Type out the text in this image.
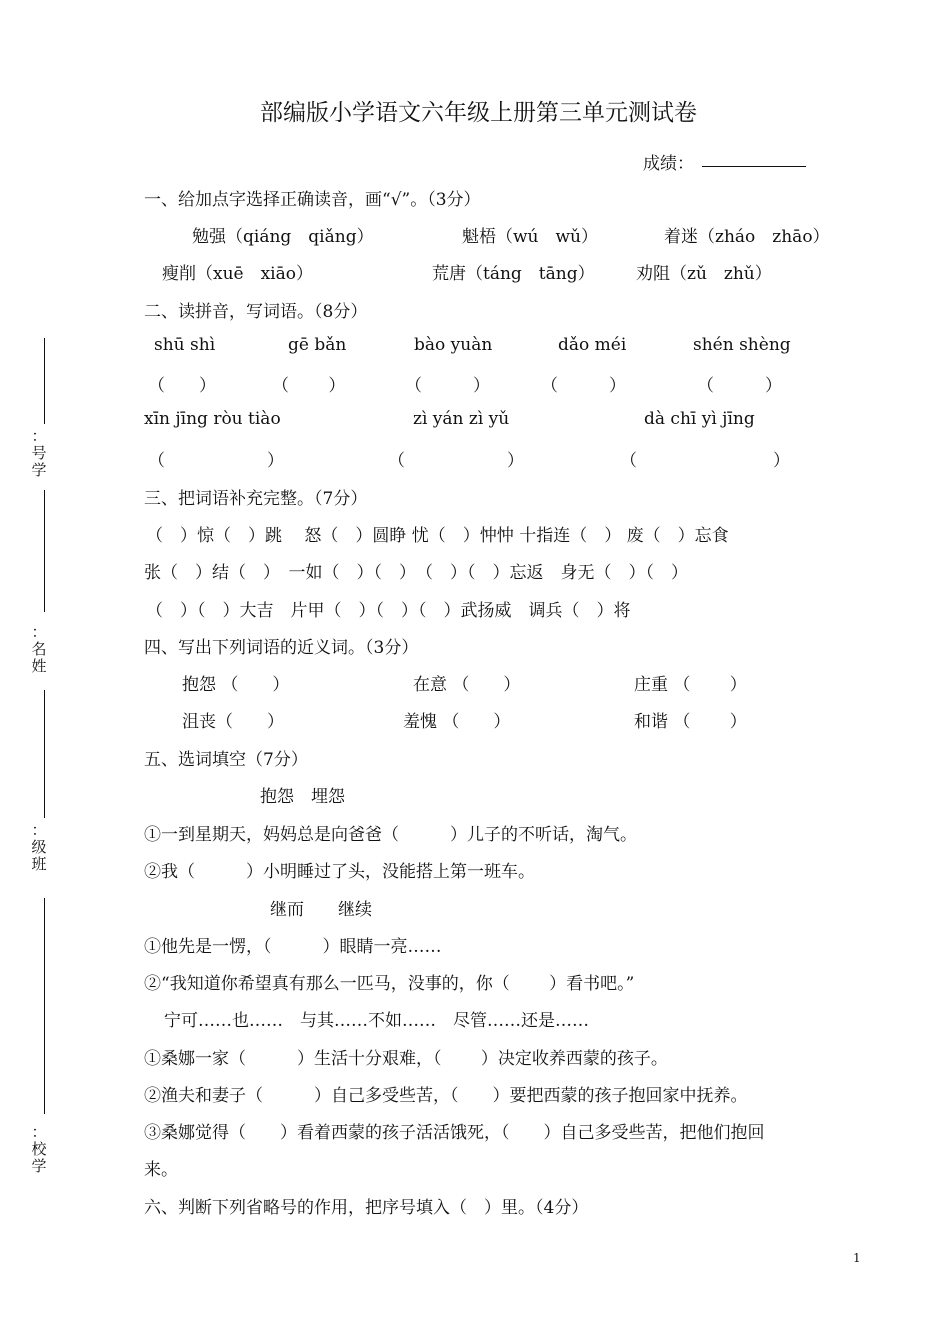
：号学
：名姓
：级班
：校学
部编版小学语文六年级上册第三单元测试卷
成绩：
一、给加点字选择正确读音，画“√”。（3分）
勉强（qiáng　qiǎng）	魁梧（wú　wǔ）	着迷（zháo　zhāo）
瘦削（xuē　xiāo）	荒唐（táng　tāng） 劝阻（zǔ　zhǔ）
二、读拼音，写词语。（8分）
shū shì	gē bǎn	bào yuàn	dǎo méi	shén shèng
（　　）	（　　 ）	（　　　）	（　　　）	（　　　）
xīn jīng ròu tiào	zì yán zì yǔ	dà chī yì jīng
（　　　　　　）	（　　　　　　）	（　　　　　　　　）
三、把词语补充完整。（7分）
（　）惊（　）跳　 怒（　）圆睁 忧（　）忡忡 十指连（　） 废（　）忘食
张（　）结（　）　一如（　）（　）　（　）（　）忘返　身无（　）（　）
（　）（　）大吉　片甲（　）（　）（　）武扬威　调兵（　）将
四、写出下列词语的近义词。（3分）
抱怨 （　　）	在意 （　　）	庄重 （　　 ）
沮丧（　　）	羞愧 （　　）	和谐 （　　 ）
五、选词填空（7分）
抱怨　埋怨
①一到星期天，妈妈总是向爸爸（　　　）儿子的不听话，淘气。
②我（　　　）小明睡过了头，没能搭上第一班车。
继而　　继续
①他先是一愣，（　　　）眼睛一亮……
②“我知道你希望真有那么一匹马，没事的，你（　　 ）看书吧。”
宁可……也……　与其……不如……　尽管……还是……
①桑娜一家（　　　）生活十分艰难，（　　 ）决定收养西蒙的孩子。
②渔夫和妻子（　　　）自己多受些苦，（　　）要把西蒙的孩子抱回家中抚养。
③桑娜觉得（　　）看着西蒙的孩子活活饿死，（　　）自己多受些苦，把他们抱回
来。
六、判断下列省略号的作用，把序号填入（　）里。（4分）
1
